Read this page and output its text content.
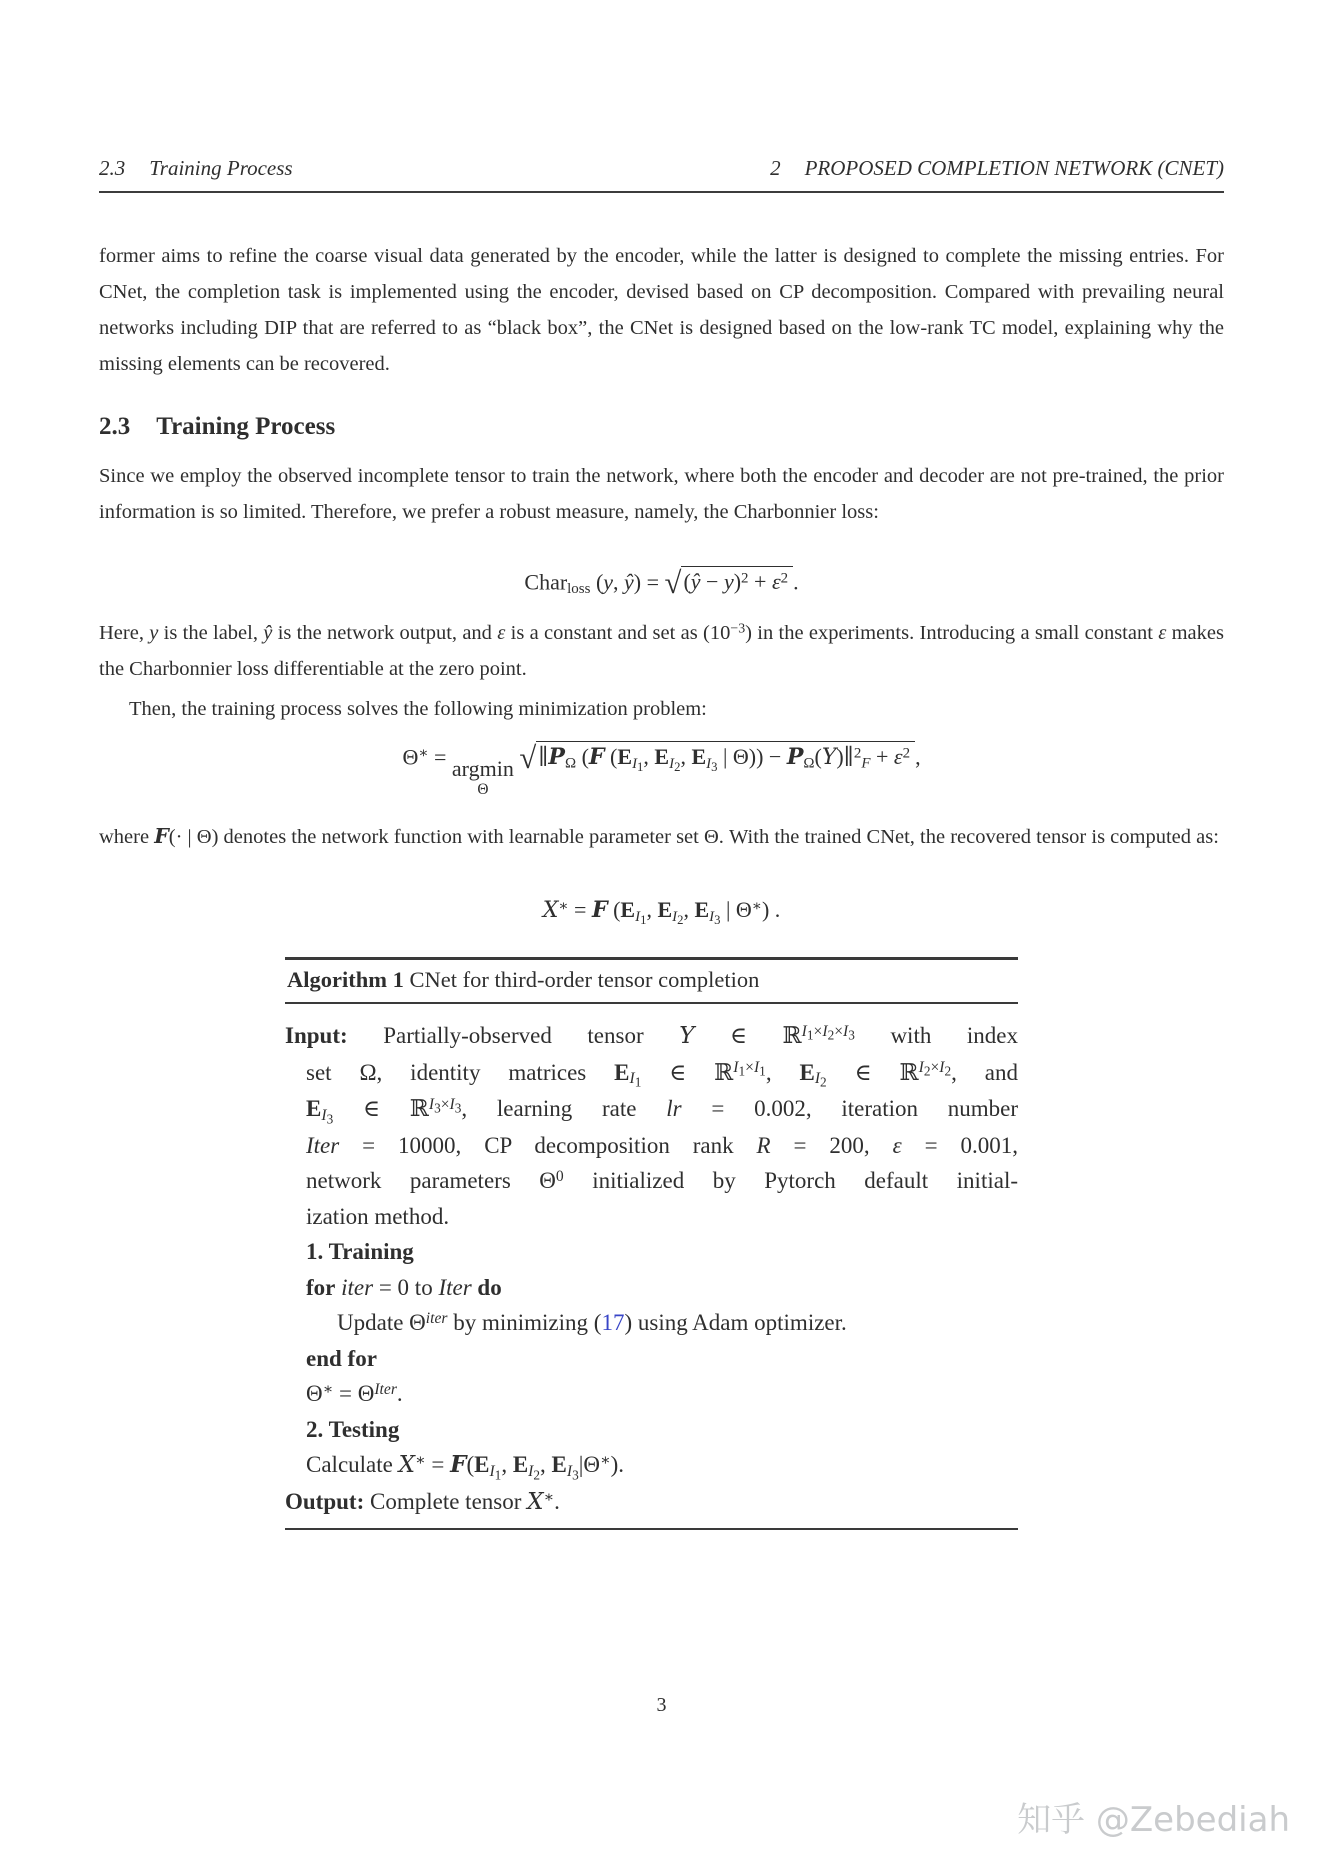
2.3 Training Process	2 PROPOSED COMPLETION NETWORK (CNET)
former aims to refine the coarse visual data generated by the encoder, while the latter is designed to complete the missing entries. For CNet, the completion task is implemented using the encoder, devised based on CP decomposition. Compared with prevailing neural networks including DIP that are referred to as “black box”, the CNet is designed based on the low-rank TC model, explaining why the missing elements can be recovered.
2.3 Training Process
Since we employ the observed incomplete tensor to train the network, where both the encoder and decoder are not pre-trained, the prior information is so limited. Therefore, we prefer a robust measure, namely, the Charbonnier loss:
Char$_{loss}$ (y, ŷ) = √(ŷ − $y)^2 + \varepsilon^2$ .
Here, y is the label, ŷ is the network output, and ε is a constant and set as $(10^{-3})$ in the experiments. Introducing a small constant ε makes the Charbonnier loss differentiable at the zero point.
Then, the training process solves the following minimization problem:
Θ∗ = argmin
Θ
$√\parallel P_\Omega$ (F ($E_{I_1}$, $E_{I_2}$, $E_{I_3}$ | $\Theta)) - P_\Omega(Y)\parallel^2_F + \varepsilon^2$ ,
where F(· | Θ) denotes the network function with learnable parameter set Θ. With the trained CNet, the recovered tensor is computed as:
X∗ = F ($E_{I_1}$, $E_{I_2}$, $E_{I_3}$ | Θ∗) .
Algorithm 1 CNet for third-order tensor completion
Input: Partially-observed tensor Y ∈ ℝ$^{I_1\times I_2\times I_3}$ with index
set Ω, identity matrices $E_{I_1}$ ∈ ℝ$^{I_1\times I_1}$, $E_{I_2}$ ∈ ℝ$^{I_2\times I_2}$, and
$E_{I_3}$ ∈ ℝ$^{I_3\times I_3}$, learning rate lr = 0.002, iteration number
Iter = 10000, CP decomposition rank R = 200, ε = 0.001,
network parameters $\Theta^0$ initialized by Pytorch default initial-
ization method.
1. Training
for iter = 0 to Iter do
Update $\Theta^{iter}$ by minimizing (17) using Adam optimizer.
end for
$\Theta^∗ = \Theta^{Iter}$.
2. Testing
Calculate $X^∗ = F(E_{I_1}$, $E_{I_2}$, $E_{I_3}|\Theta^∗$).
Output: Complete tensor X∗.
3
知乎 @Zebediah
